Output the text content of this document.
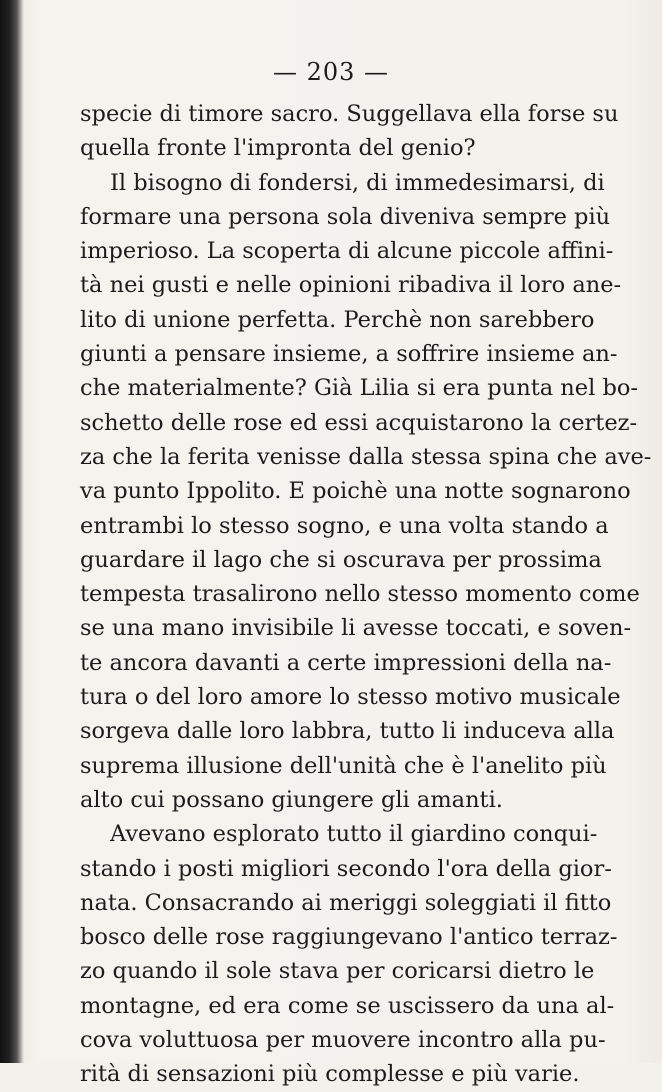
— 203 —
specie di timore sacro. Suggellava ella forse su
quella fronte l'impronta del genio?
Il bisogno di fondersi, di immedesimarsi, di
formare una persona sola diveniva sempre più
imperioso. La scoperta di alcune piccole affini-
tà nei gusti e nelle opinioni ribadiva il loro ane-
lito di unione perfetta. Perchè non sarebbero
giunti a pensare insieme, a soffrire insieme an-
che materialmente? Già Lilia si era punta nel bo-
schetto delle rose ed essi acquistarono la certez-
za che la ferita venisse dalla stessa spina che ave-
va punto Ippolito. E poichè una notte sognarono
entrambi lo stesso sogno, e una volta stando a
guardare il lago che si oscurava per prossima
tempesta trasalirono nello stesso momento come
se una mano invisibile li avesse toccati, e soven-
te ancora davanti a certe impressioni della na-
tura o del loro amore lo stesso motivo musicale
sorgeva dalle loro labbra, tutto li induceva alla
suprema illusione dell'unità che è l'anelito più
alto cui possano giungere gli amanti.
Avevano esplorato tutto il giardino conqui-
stando i posti migliori secondo l'ora della gior-
nata. Consacrando ai meriggi soleggiati il fitto
bosco delle rose raggiungevano l'antico terraz-
zo quando il sole stava per coricarsi dietro le
montagne, ed era come se uscissero da una al-
cova voluttuosa per muovere incontro alla pu-
rità di sensazioni più complesse e più varie.
